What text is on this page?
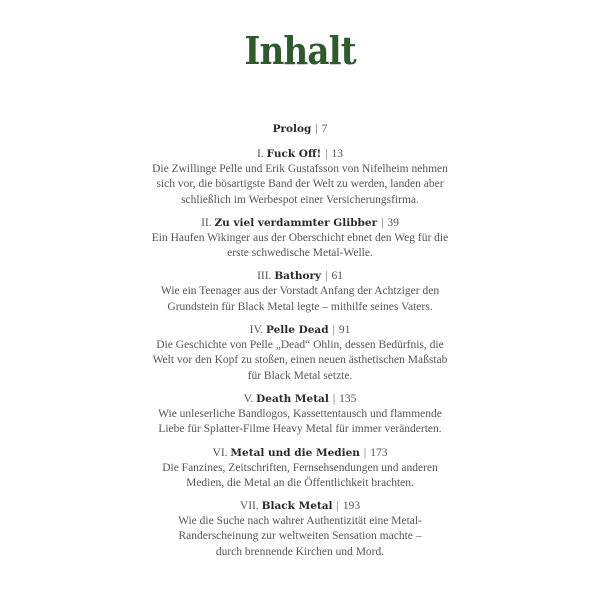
Inhalt
Prolog | 7
I. Fuck Off! | 13
Die Zwillinge Pelle und Erik Gustafsson von Nifelheim nehmen
sich vor, die bösartigste Band der Welt zu werden, landen aber
schließlich im Werbespot einer Versicherungsfirma.
II. Zu viel verdammter Glibber | 39
Ein Haufen Wikinger aus der Oberschicht ebnet den Weg für die
erste schwedische Metal-Welle.
III. Bathory | 61
Wie ein Teenager aus der Vorstadt Anfang der Achtziger den
Grundstein für Black Metal legte – mithilfe seines Vaters.
IV. Pelle Dead | 91
Die Geschichte von Pelle „Dead“ Ohlin, dessen Bedürfnis, die
Welt vor den Kopf zu stoßen, einen neuen ästhetischen Maßstab
für Black Metal setzte.
V. Death Metal | 135
Wie unleserliche Bandlogos, Kassettentausch und flammende
Liebe für Splatter-Filme Heavy Metal für immer veränderten.
VI. Metal und die Medien | 173
Die Fanzines, Zeitschriften, Fernsehsendungen und anderen
Medien, die Metal an die Öffentlichkeit brachten.
VII. Black Metal | 193
Wie die Suche nach wahrer Authentizität eine Metal-
Randerscheinung zur weltweiten Sensation machte –
durch brennende Kirchen und Mord.
